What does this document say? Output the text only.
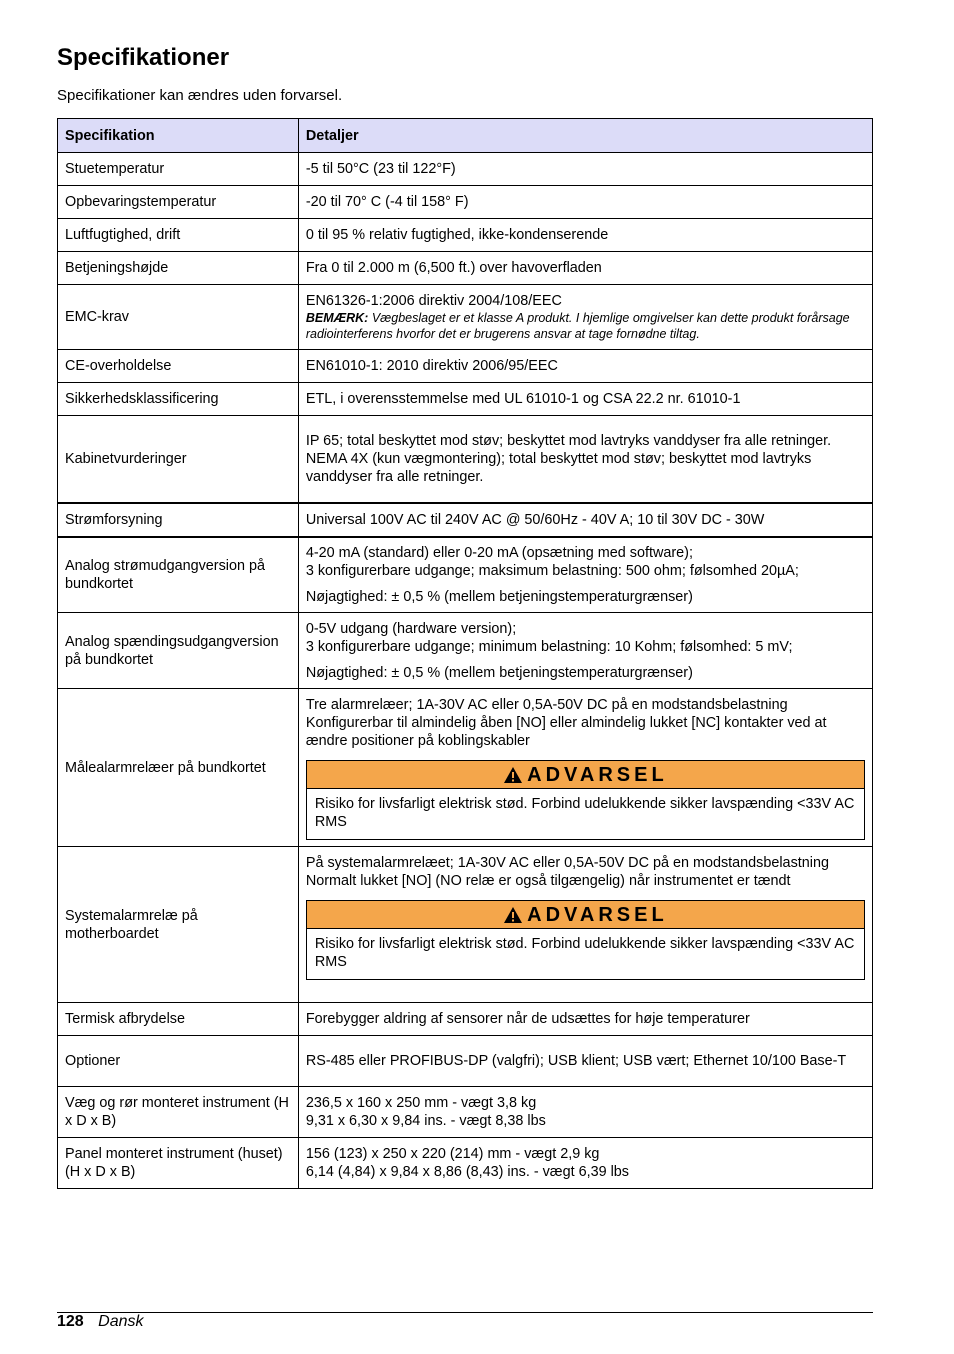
Specifikationer

Specifikationer kan ændres uden forvarsel.

Specifikation	Detaljer
Stuetemperatur	-5 til 50°C (23 til 122°F)

Opbevaringstemperatur	-20 til 70° C (-4 til 158° F)

Luftfugtighed, drift	0 til 95 % relativ fugtighed, ikke-kondenserende

Betjeningshøjde	Fra 0 til 2.000 m (6,500 ft.) over havoverfladen

EMC-krav	EN61326-1:2006 direktiv 2004/108/EEC
BEMÆRK: Vægbeslaget er et klasse A produkt. I hjemlige omgivelser kan dette produkt forårsage radiointerferens hvorfor det er brugerens ansvar at tage fornødne tiltag.

CE-overholdelse	EN61010-1: 2010 direktiv 2006/95/EEC

Sikkerhedsklassificering	ETL, i overensstemmelse med UL 61010-1 og CSA 22.2 nr. 61010-1

Kabinetvurderinger	IP 65; total beskyttet mod støv; beskyttet mod lavtryks vanddyser fra alle retninger.
NEMA 4X (kun vægmontering); total beskyttet mod støv; beskyttet mod lavtryks vanddyser fra alle retninger.

Strømforsyning	Universal 100V AC til 240V AC @ 50/60Hz - 40V A; 10 til 30V DC - 30W

Analog strømudgangversion på bundkortet	4-20 mA (standard) eller 0-20 mA (opsætning med software);
3 konfigurerbare udgange; maksimum belastning: 500 ohm; følsomhed 20µA;
Nøjagtighed: ± 0,5 % (mellem betjeningstemperaturgrænser)

Analog spændingsudgangversion på bundkortet	0-5V udgang (hardware version);
3 konfigurerbare udgange; minimum belastning: 10 Kohm; følsomhed: 5 mV;
Nøjagtighed: ± 0,5 % (mellem betjeningstemperaturgrænser)

Målealarmrelæer på bundkortet	Tre alarmrelæer; 1A-30V AC eller 0,5A-50V DC på en modstandsbelastning
Konfigurerbar til almindelig åben [NO] eller almindelig lukket [NC] kontakter ved at ændre positioner på koblingskabler
ADVARSEL
Risiko for livsfarligt elektrisk stød. Forbind udelukkende sikker lavspænding <33V AC RMS

Systemalarmrelæ på motherboardet	På systemalarmrelæet; 1A-30V AC eller 0,5A-50V DC på en modstandsbelastning
Normalt lukket [NO] (NO relæ er også tilgængelig) når instrumentet er tændt
ADVARSEL
Risiko for livsfarligt elektrisk stød. Forbind udelukkende sikker lavspænding <33V AC RMS

Termisk afbrydelse	Forebygger aldring af sensorer når de udsættes for høje temperaturer

Optioner	RS-485 eller PROFIBUS-DP (valgfri); USB klient; USB vært; Ethernet 10/100 Base-T

Væg og rør monteret instrument (H x D x B)	236,5 x 160 x 250 mm - vægt 3,8 kg
9,31 x 6,30 x 9,84 ins. - vægt 8,38 lbs

Panel monteret instrument (huset) (H x D x B)	156 (123) x 250 x 220 (214) mm - vægt 2,9 kg
6,14 (4,84) x 9,84 x 8,86 (8,43) ins. - vægt 6,39 lbs
128 Dansk
